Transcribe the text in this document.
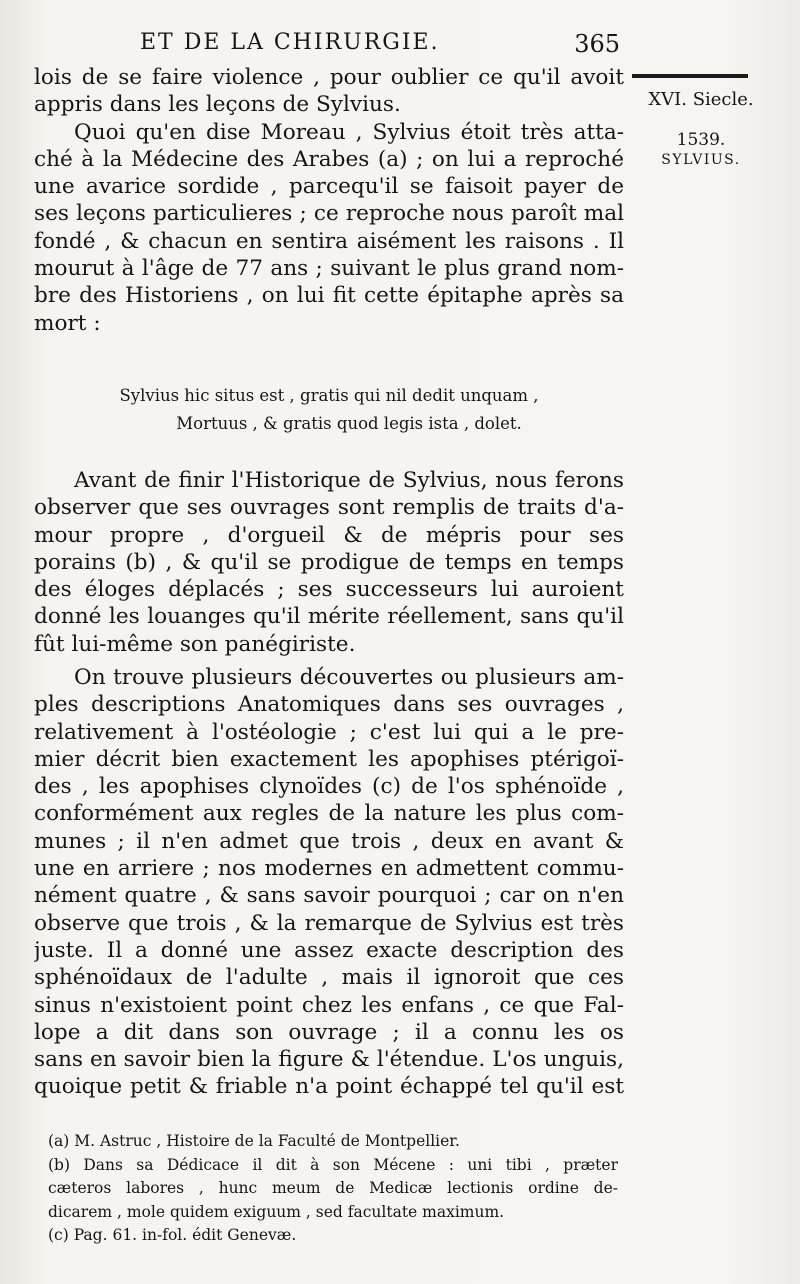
ET DE LA CHIRURGIE.	365
XVI. Siecle.
1539.
SYLVIUS.
lois de se faire violence , pour oublier ce qu'il avoit
appris dans les leçons de Sylvius.
Quoi qu'en dise Moreau , Sylvius étoit très atta-
ché à la Médecine des Arabes (a) ; on lui a reproché
une avarice sordide , parcequ'il se faisoit payer de
ses leçons particulieres ; ce reproche nous paroît mal
fondé , & chacun en sentira aisément les raisons . Il
mourut à l'âge de 77 ans ; suivant le plus grand nom-
bre des Historiens , on lui fit cette épitaphe après sa
mort :
Sylvius hic situs est , gratis qui nil dedit unquam ,
Mortuus , & gratis quod legis ista , dolet.
Avant de finir l'Historique de Sylvius, nous ferons
observer que ses ouvrages sont remplis de traits d'a-
mour propre , d'orgueil & de mépris pour ses
porains (b) , & qu'il se prodigue de temps en temps
des éloges déplacés ; ses successeurs lui auroient
donné les louanges qu'il mérite réellement, sans qu'il
fût lui-même son panégiriste.
On trouve plusieurs découvertes ou plusieurs am-
ples descriptions Anatomiques dans ses ouvrages ,
relativement à l'ostéologie ; c'est lui qui a le pre-
mier décrit bien exactement les apophises ptérigoï-
des , les apophises clynoïdes (c) de l'os sphénoïde ,
conformément aux regles de la nature les plus com-
munes ; il n'en admet que trois , deux en avant &
une en arriere ; nos modernes en admettent commu-
nément quatre , & sans savoir pourquoi ; car on n'en
observe que trois , & la remarque de Sylvius est très
juste. Il a donné une assez exacte description des
sphénoïdaux de l'adulte , mais il ignoroit que ces
sinus n'existoient point chez les enfans , ce que Fal-
lope a dit dans son ouvrage ; il a connu les os
sans en savoir bien la figure & l'étendue. L'os unguis,
quoique petit & friable n'a point échappé tel qu'il est
(a) M. Astruc , Histoire de la Faculté de Montpellier.
(b) Dans sa Dédicace il dit à son Mécene : uni tibi , præter
cæteros labores , hunc meum de Medicæ lectionis ordine de-
dicarem , mole quidem exiguum , sed facultate maximum.
(c) Pag. 61. in-fol. édit Genevæ.
